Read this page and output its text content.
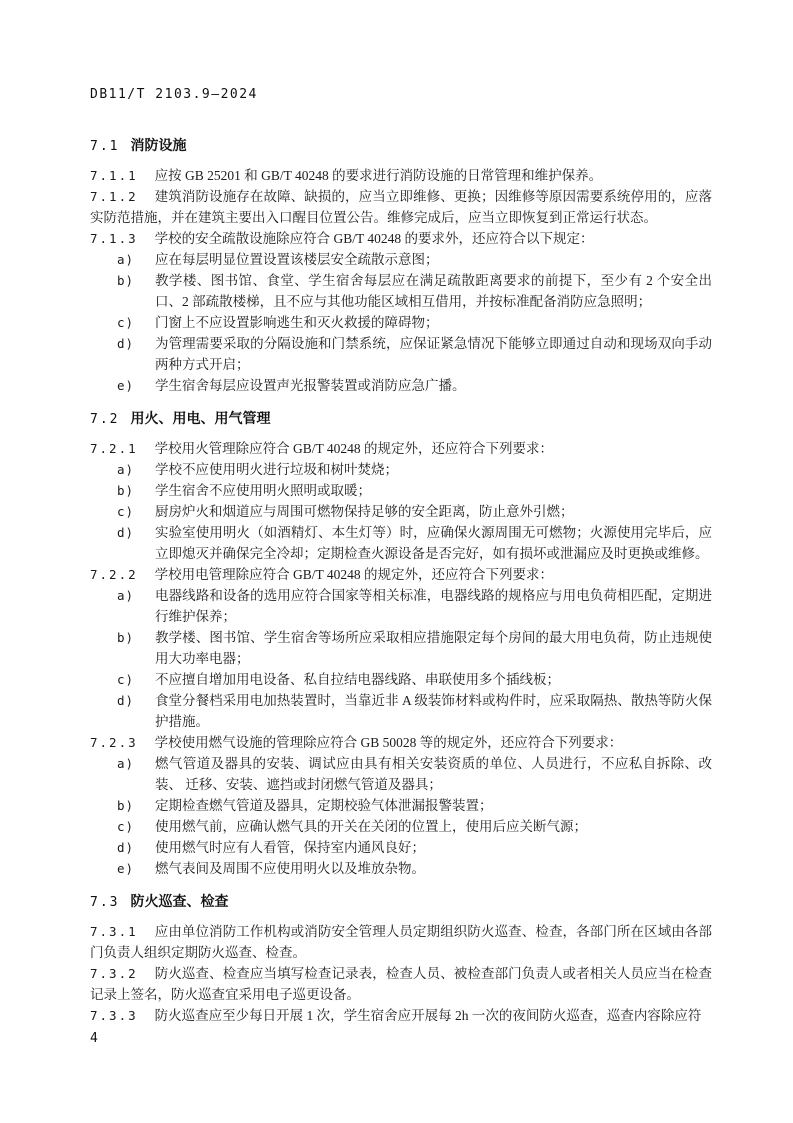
DB11/T 2103.9—2024
7.1 消防设施

7.1.1 应按 GB 25201 和 GB/T 40248 的要求进行消防设施的日常管理和维护保养。

7.1.2 建筑消防设施存在故障、缺损的，应当立即维修、更换；因维修等原因需要系统停用的，应落实防范措施，并在建筑主要出入口醒目位置公告。维修完成后，应当立即恢复到正常运行状态。

7.1.3 学校的安全疏散设施除应符合 GB/T 40248 的要求外，还应符合以下规定：

a) 应在每层明显位置设置该楼层安全疏散示意图；

b) 教学楼、图书馆、食堂、学生宿舍每层应在满足疏散距离要求的前提下，至少有 2 个安全出口、2 部疏散楼梯，且不应与其他功能区域相互借用，并按标准配备消防应急照明；

c) 门窗上不应设置影响逃生和灭火救援的障碍物；

d) 为管理需要采取的分隔设施和门禁系统，应保证紧急情况下能够立即通过自动和现场双向手动两种方式开启；

e) 学生宿舍每层应设置声光报警装置或消防应急广播。

7.2 用火、用电、用气管理

7.2.1 学校用火管理除应符合 GB/T 40248 的规定外，还应符合下列要求：

a) 学校不应使用明火进行垃圾和树叶焚烧；

b) 学生宿舍不应使用明火照明或取暖；

c) 厨房炉火和烟道应与周围可燃物保持足够的安全距离，防止意外引燃；

d) 实验室使用明火（如酒精灯、本生灯等）时，应确保火源周围无可燃物；火源使用完毕后，应立即熄灭并确保完全冷却；定期检查火源设备是否完好，如有损坏或泄漏应及时更换或维修。

7.2.2 学校用电管理除应符合 GB/T 40248 的规定外，还应符合下列要求：

a) 电器线路和设备的选用应符合国家等相关标准，电器线路的规格应与用电负荷相匹配，定期进行维护保养；

b) 教学楼、图书馆、学生宿舍等场所应采取相应措施限定每个房间的最大用电负荷，防止违规使用大功率电器；

c) 不应擅自增加用电设备、私自拉结电器线路、串联使用多个插线板；

d) 食堂分餐档采用电加热装置时，当靠近非 A 级装饰材料或构件时，应采取隔热、散热等防火保护措施。

7.2.3 学校使用燃气设施的管理除应符合 GB 50028 等的规定外，还应符合下列要求：

a) 燃气管道及器具的安装、调试应由具有相关安装资质的单位、人员进行，不应私自拆除、改装、 迁移、安装、遮挡或封闭燃气管道及器具；

b) 定期检查燃气管道及器具，定期校验气体泄漏报警装置；

c) 使用燃气前，应确认燃气具的开关在关闭的位置上，使用后应关断气源；

d) 使用燃气时应有人看管，保持室内通风良好；

e) 燃气表间及周围不应使用明火以及堆放杂物。

7.3 防火巡查、检查

7.3.1 应由单位消防工作机构或消防安全管理人员定期组织防火巡查、检查，各部门所在区域由各部门负责人组织定期防火巡查、检查。

7.3.2 防火巡查、检查应当填写检查记录表，检查人员、被检查部门负责人或者相关人员应当在检查记录上签名，防火巡查宜采用电子巡更设备。

7.3.3 防火巡查应至少每日开展 1 次，学生宿舍应开展每 2h 一次的夜间防火巡查，巡查内容除应符

4
